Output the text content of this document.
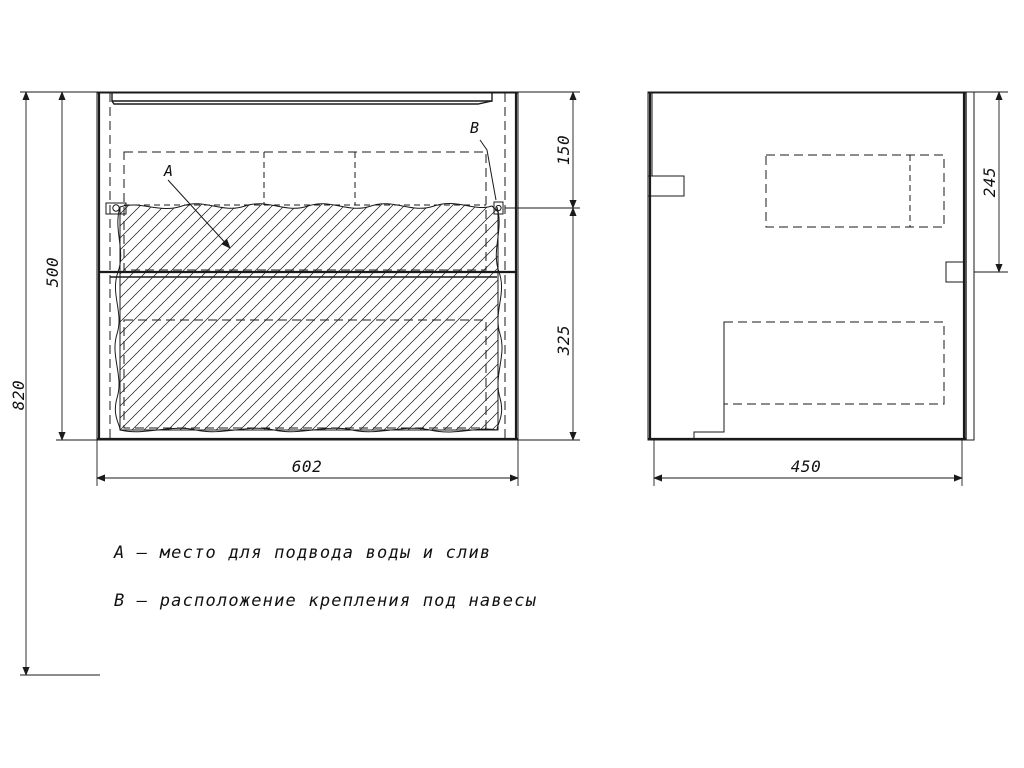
B
A
820
500
150
325
602
245
450
A – место для подвода воды и слив
B – расположение крепления под навесы
